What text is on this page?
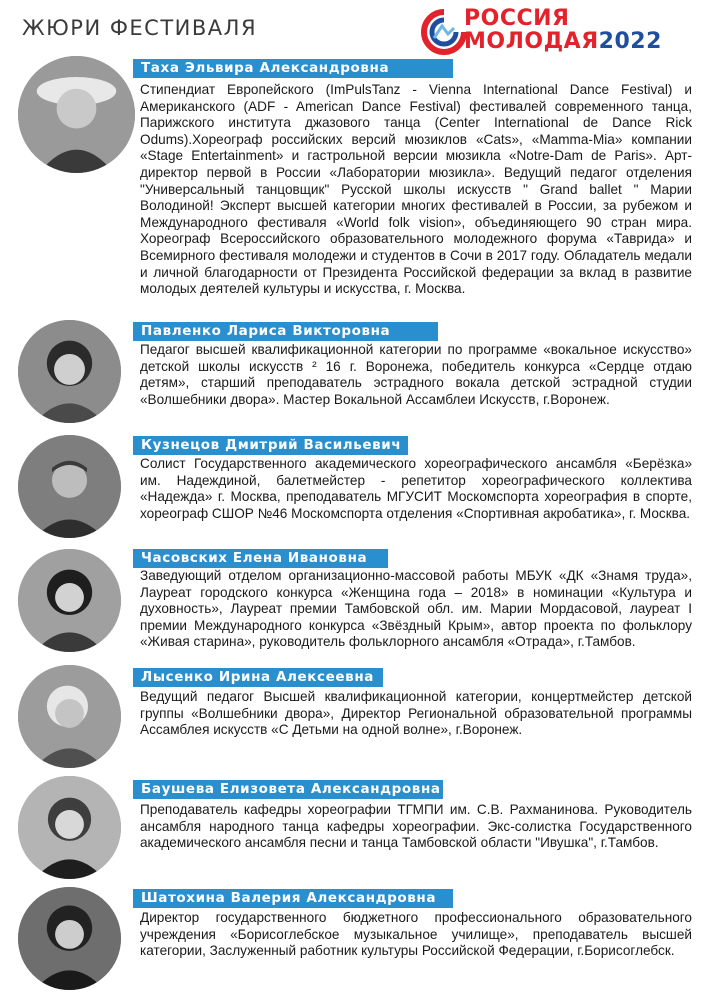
ЖЮРИ ФЕСТИВАЛЯ	РОССИЯ
МОЛОДАЯ2022
Таха Эльвира Александровна

Стипендиат Европейского (ImPulsTanz - Vienna International Dance Festival) и Американского (ADF - American Dance Festival) фестивалей современного танца, Парижского института джазового танца (Center International de Dance Rick Odums).Хореограф российских версий мюзиклов «Cats», «Mamma-Mia» компании «Stage Entertainment» и гастрольной версии мюзикла «Notre-Dam de Paris». Арт-директор первой в России «Лаборатории мюзикла». Ведущий педагог отделения "Универсальный танцовщик" Русской школы искусств " Grand ballet " Марии Володиной! Эксперт высшей категории многих фестивалей в России, за рубежом и Международного фестиваля «World folk vision», объединяющего 90 стран мира. Хореограф Всероссийского образовательного молодежного форума «Таврида» и Всемирного фестиваля молодежи и студентов в Сочи в 2017 году. Обладатель медали и личной благодарности от Президента Российской федерации за вклад в развитие молодых деятелей культуры и искусства, г. Москва.

Павленко Лариса Викторовна

Педагог высшей квалификационной категории по программе «вокальное искусство» детской школы искусств ² 16 г. Воронежа, победитель конкурса «Сердце отдаю детям», старший преподаватель эстрадного вокала детской эстрадной студии «Волшебники двора». Мастер Вокальной Ассамблеи Искусств, г.Воронеж.

Кузнецов Дмитрий Васильевич

Солист Государственного академического хореографического ансамбля «Берёзка» им. Надеждиной, балетмейстер - репетитор хореографического коллектива «Надежда» г. Москва, преподаватель МГУСИТ Москомспорта хореография в спорте, хореограф СШОР №46 Москомспорта отделения «Спортивная акробатика», г. Москва.

Часовских Елена Ивановна

Заведующий отделом организационно-массовой работы МБУК «ДК «Знамя труда», Лауреат городского конкурса «Женщина года – 2018» в номинации «Культура и духовность», Лауреат премии Тамбовской обл. им. Марии Мордасовой, лауреат I премии Международного конкурса «Звёздный Крым», автор проекта по фольклору «Живая старина», руководитель фольклорного ансамбля «Отрада», г.Тамбов.

Лысенко Ирина Алексеевна

Ведущий педагог Высшей квалификационной категории, концертмейстер детской группы «Волшебники двора», Директор Региональной образовательной программы Ассамблея искусств «С Детьми на одной волне», г.Воронеж.

Баушева Елизовета Александровна

Преподаватель кафедры хореографии ТГМПИ им. С.В. Рахманинова. Руководитель ансамбля народного танца кафедры хореографии. Экс-солистка Государственного академического ансамбля песни и танца Тамбовской области "Ивушка", г.Тамбов.

Шатохина Валерия Александровна

Директор государственного бюджетного профессионального образовательного учреждения «Борисоглебское музыкальное училище», преподаватель высшей категории, Заслуженный работник культуры Российской Федерации, г.Борисоглебск.
